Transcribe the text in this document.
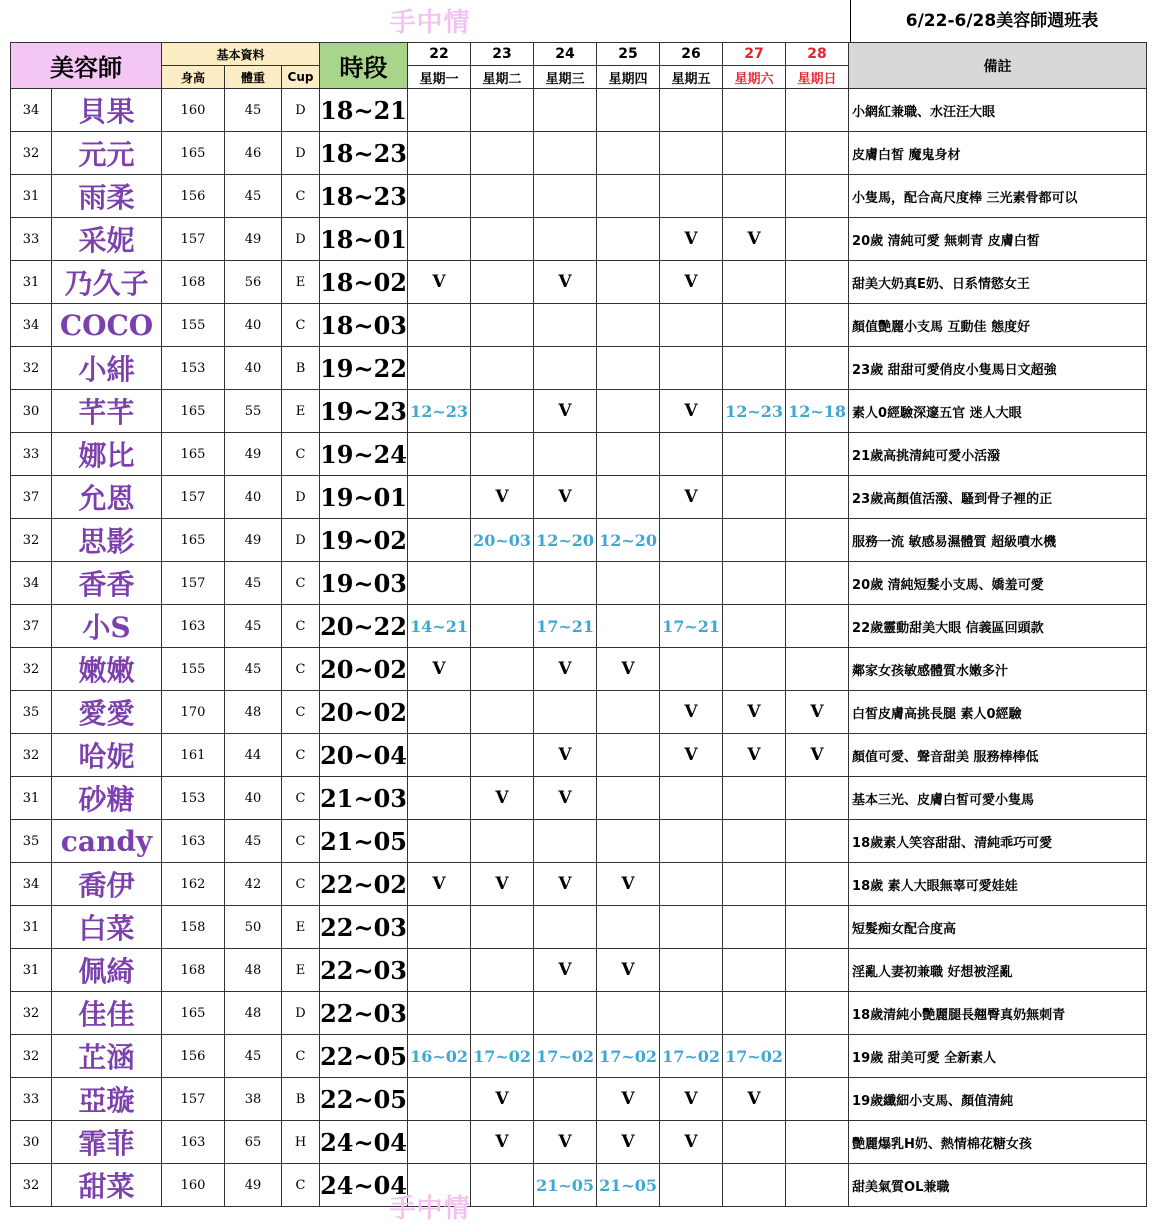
手中情	6/22-6/28美容師週班表
美容師		基本資料			時段	22	23	24	25	26	27	28	備註
		身高	體重	Cup		星期一	星期二	星期三	星期四	星期五	星期六	星期日	
34	貝果	160	45	D	18~21								小網紅兼職、水汪汪大眼
32	元元	165	46	D	18~23								皮膚白皙 魔鬼身材
31	雨柔	156	45	C	18~23								小隻馬，配合高尺度棒 三光素骨都可以
33	采妮	157	49	D	18~01					V	V		20歲 清純可愛 無刺青 皮膚白皙
31	乃久子	168	56	E	18~02	V		V		V			甜美大奶真E奶、日系情慾女王
34	COCO	155	40	C	18~03								顏值艷麗小支馬 互動佳 態度好
32	小緋	153	40	B	19~22								23歲 甜甜可愛俏皮小隻馬日文超強
30	芊芊	165	55	E	19~23	12~23		V		V	12~23	12~18	素人0經驗深邃五官 迷人大眼
33	娜比	165	49	C	19~24								21歲高挑清純可愛小活潑
37	允恩	157	40	D	19~01		V	V		V			23歲高顏值活潑、騷到骨子裡的正
32	思影	165	49	D	19~02		20~03	12~20	12~20				服務一流 敏感易濕體質 超級噴水機
34	香香	157	45	C	19~03								20歲 清純短髮小支馬、嬌羞可愛
37	小S	163	45	C	20~22	14~21		17~21		17~21			22歲靈動甜美大眼 信義區回頭款
32	嫩嫩	155	45	C	20~02	V		V	V				鄰家女孩敏感體質水嫩多汁
35	愛愛	170	48	C	20~02					V	V	V	白皙皮膚高挑長腿 素人0經驗
32	哈妮	161	44	C	20~04			V		V	V	V	顏值可愛、聲音甜美 服務棒棒低
31	砂糖	153	40	C	21~03		V	V					基本三光、皮膚白皙可愛小隻馬
35	candy	163	45	C	21~05								18歲素人笑容甜甜、清純乖巧可愛
34	喬伊	162	42	C	22~02	V	V	V	V				18歲 素人大眼無辜可愛娃娃
31	白菜	158	50	E	22~03								短髮痴女配合度高
31	佩綺	168	48	E	22~03			V	V				淫亂人妻初兼職 好想被淫亂
32	佳佳	165	48	D	22~03								18歲清純小艷麗腿長翹臀真奶無刺青
32	芷涵	156	45	C	22~05	16~02	17~02	17~02	17~02	17~02	17~02		19歲 甜美可愛 全新素人
33	亞璇	157	38	B	22~05		V		V	V	V		19歲纖細小支馬、顏值清純
30	霏菲	163	65	H	24~04		V	V	V	V			艷麗爆乳H奶、熱情棉花糖女孩
32	甜菜	160	49	C	24~04			21~05	21~05				甜美氣質OL兼職
手中情
